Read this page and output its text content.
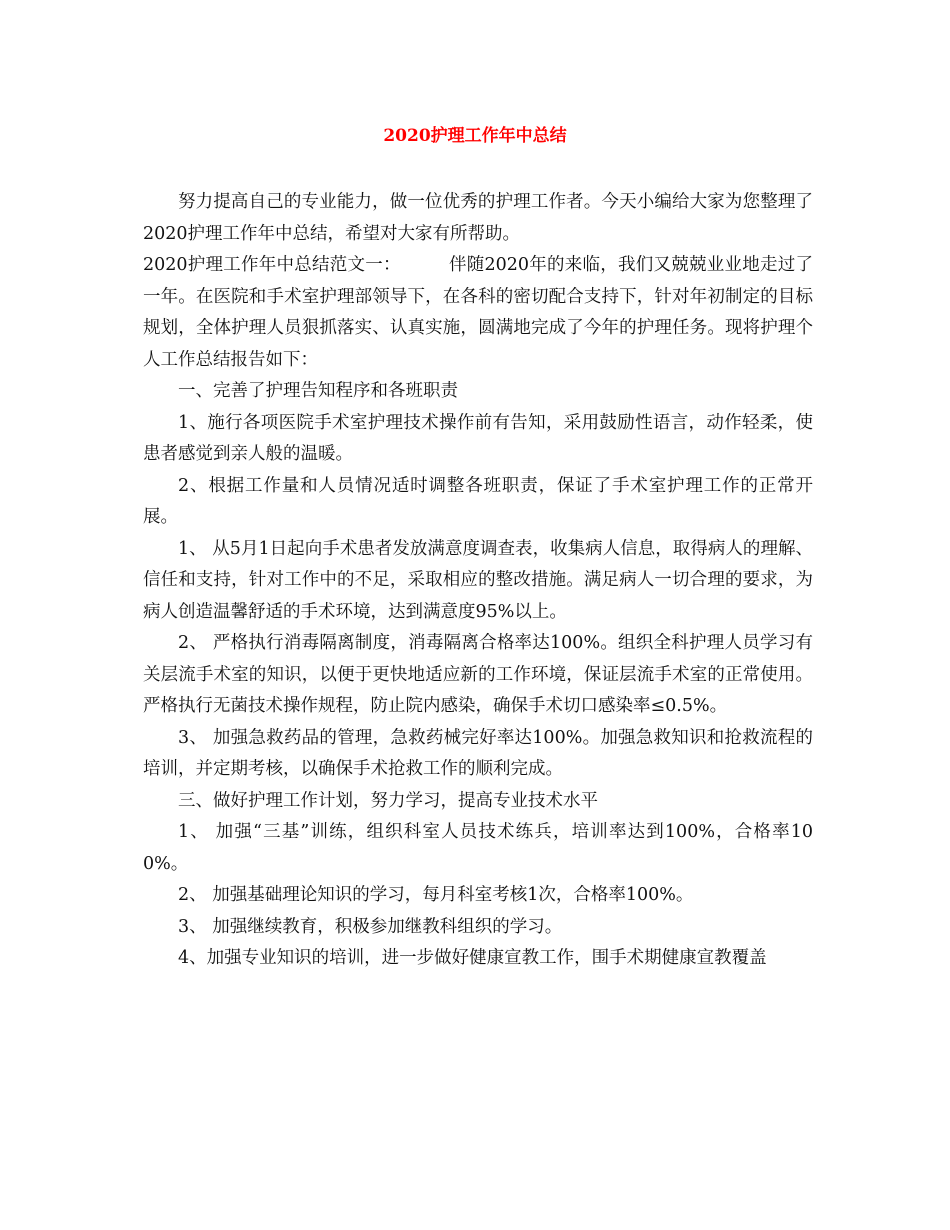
2020护理工作年中总结

努力提高自己的专业能力，做一位优秀的护理工作者。今天小编给大家为您整理了2020护理工作年中总结，希望对大家有所帮助。

2020护理工作年中总结范文一：	伴随2020年的来临，我们又兢兢业业地走过了一年。在医院和手术室护理部领导下，在各科的密切配合支持下，针对年初制定的目标规划，全体护理人员狠抓落实、认真实施，圆满地完成了今年的护理任务。现将护理个人工作总结报告如下：

一、完善了护理告知程序和各班职责

1、施行各项医院手术室护理技术操作前有告知，采用鼓励性语言，动作轻柔，使患者感觉到亲人般的温暖。

2、根据工作量和人员情况适时调整各班职责，保证了手术室护理工作的正常开展。

1、 从5月1日起向手术患者发放满意度调查表，收集病人信息，取得病人的理解、信任和支持，针对工作中的不足，采取相应的整改措施。满足病人一切合理的要求，为病人创造温馨舒适的手术环境，达到满意度95%以上。

2、 严格执行消毒隔离制度，消毒隔离合格率达100%。组织全科护理人员学习有关层流手术室的知识，以便于更快地适应新的工作环境，保证层流手术室的正常使用。严格执行无菌技术操作规程，防止院内感染，确保手术切口感染率≤0.5%。

3、 加强急救药品的管理，急救药械完好率达100%。加强急救知识和抢救流程的培训，并定期考核，以确保手术抢救工作的顺利完成。

三、做好护理工作计划，努力学习，提高专业技术水平

1、 加强“三基”训练，组织科室人员技术练兵，培训率达到100%，合格率100%。

2、 加强基础理论知识的学习，每月科室考核1次，合格率100%。

3、 加强继续教育，积极参加继教科组织的学习。

4、加强专业知识的培训，进一步做好健康宣教工作，围手术期健康宣教覆盖
